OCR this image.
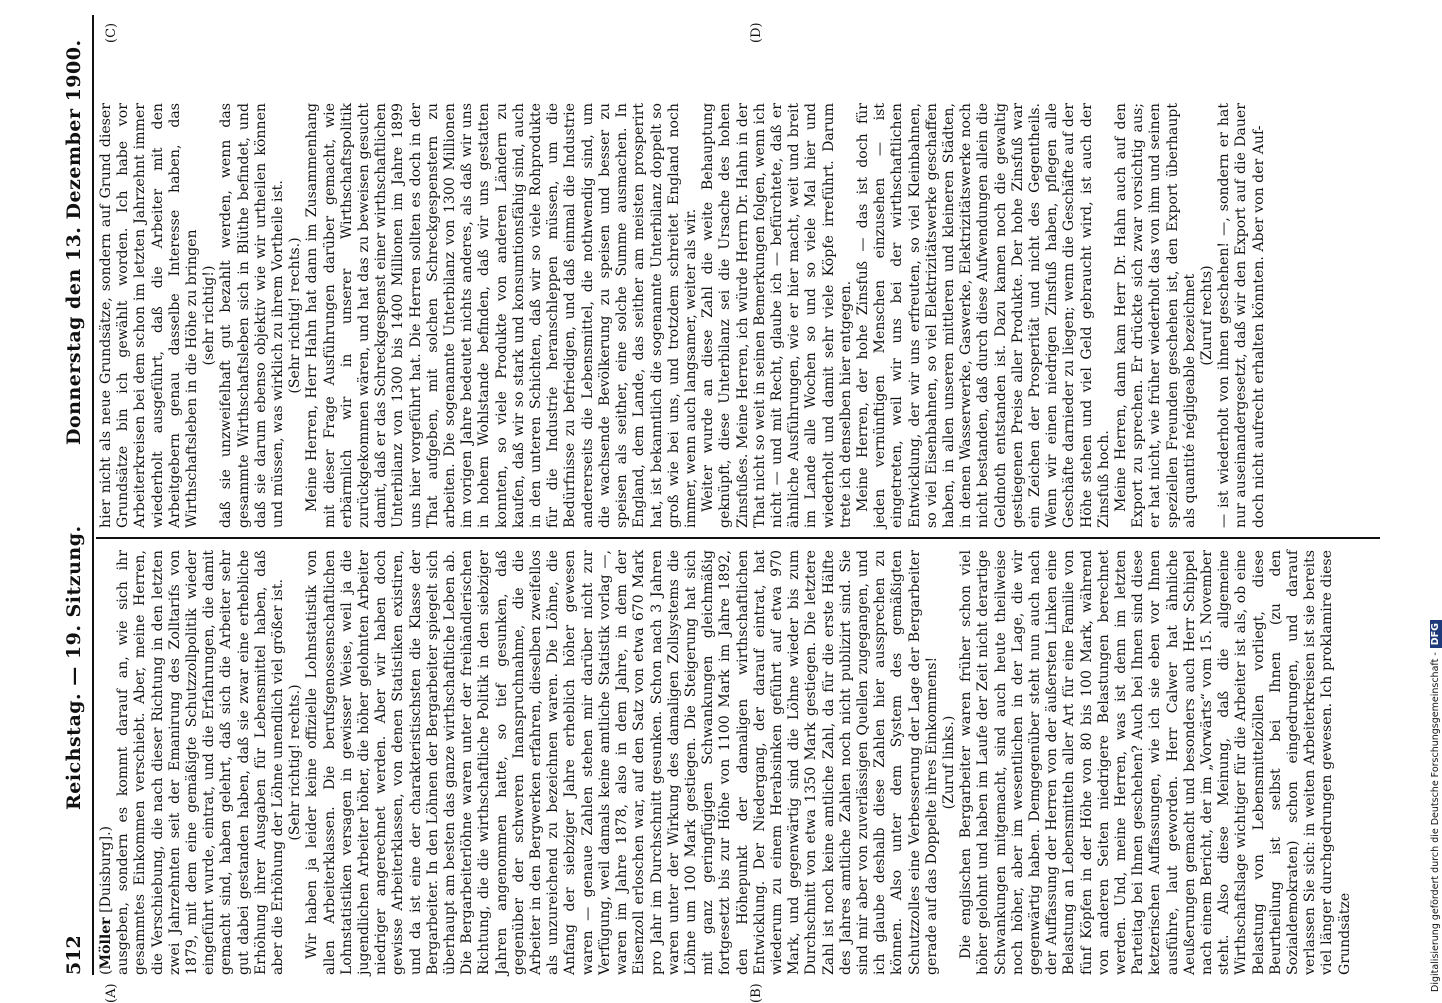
512
Reichstag. — 19. Sitzung.
Donnerstag den 13. Dezember 1900.
(A)	(B)
(C)	(D)

(Möller [Duisburg].) ausgeben, sondern es kommt darauf an, wie sich ihr gesammtes Einkommen verschiebt. Aber, meine Herren, die Verschiebung, die nach dieser Richtung in den letzten zwei Jahrzehnten seit der Emanirung des Zolltarifs von 1879, mit dem eine gemäßigte Schutzzollpolitik wieder eingeführt wurde, eintrat, und die Erfahrungen, die damit gemacht sind, haben gelehrt, daß sich die Arbeiter sehr gut dabei gestanden haben, daß sie zwar eine erhebliche Erhöhung ihrer Ausgaben für Lebensmittel haben, daß aber die Erhöhung der Löhne unendlich viel größer ist. (Sehr richtig! rechts.) Wir haben ja leider keine offizielle Lohnstatistik von allen Arbeiterklassen. Die berufsgenossenschaftlichen Lohnstatistiken versagen in gewisser Weise, weil ja die jugendlichen Arbeiter höher, die höher gelohnten Arbeiter niedriger angerechnet werden. Aber wir haben doch gewisse Arbeiterklassen, von denen Statistiken existiren, und da ist eine der charakteristischsten die Klasse der Bergarbeiter. In den Löhnen der Bergarbeiter spiegelt sich überhaupt am besten das ganze wirthschaftliche Leben ab. Die Bergarbeiterlöhne waren unter der freihändlerischen Richtung, die die wirthschaftliche Politik in den siebziger Jahren angenommen hatte, so tief gesunken, daß gegenüber der schweren Inanspruchnahme, die die Arbeiter in den Bergwerken erfahren, dieselben zweifellos als unzureichend zu bezeichnen waren. Die Löhne, die Anfang der siebziger Jahre erheblich höher gewesen waren — genaue Zahlen stehen mir darüber nicht zur Verfügung, weil damals keine amtliche Statistik vorlag —, waren im Jahre 1878, also in dem Jahre, in dem der Eisenzoll erloschen war, auf den Satz von etwa 670 Mark pro Jahr im Durchschnitt gesunken. Schon nach 3 Jahren waren unter der Wirkung des damaligen Zollsystems die Löhne um 100 Mark gestiegen. Die Steigerung hat sich mit ganz geringfügigen Schwankungen gleichmäßig fortgesetzt bis zur Höhe von 1100 Mark im Jahre 1892, den Höhepunkt der damaligen wirthschaftlichen Entwicklung. Der Niedergang, der darauf eintrat, hat wiederum zu einem Herabsinken geführt auf etwa 970 Mark, und gegenwärtig sind die Löhne wieder bis zum Durchschnitt von etwa 1350 Mark gestiegen. Die letztere Zahl ist noch keine amtliche Zahl, da für die erste Hälfte des Jahres amtliche Zahlen noch nicht publizirt sind. Sie sind mir aber von zuverlässigen Quellen zugegangen, und ich glaube deshalb diese Zahlen hier aussprechen zu können. Also unter dem System des gemäßigten Schutzzolles eine Verbesserung der Lage der Bergarbeiter gerade auf das Doppelte ihres Einkommens! (Zuruf links.) Die englischen Bergarbeiter waren früher schon viel höher gelohnt und haben im Laufe der Zeit nicht derartige Schwankungen mitgemacht, sind auch heute theilweise noch höher, aber im wesentlichen in der Lage, die wir gegenwärtig haben. Demgegenüber steht nun auch nach der Auffassung der Herren von der äußersten Linken eine Belastung an Lebensmitteln aller Art für eine Familie von fünf Köpfen in der Höhe von 80 bis 100 Mark, während von anderen Seiten niedrigere Belastungen berechnet werden. Und, meine Herren, was ist denn im letzten Parteitag bei Ihnen geschehen? Auch bei Ihnen sind diese ketzerischen Auffassungen, wie ich sie eben vor Ihnen ausführe, laut geworden. Herr Calwer hat ähnliche Aeußerungen gemacht und besonders auch Herr Schippel nach einem Bericht, der im „Vorwärts“ vom 15. November steht. Also diese Meinung, daß die allgemeine Wirthschaftslage wichtiger für die Arbeiter ist als, ob eine Belastung von Lebensmittelzöllen vorliegt, diese Beurtheilung ist selbst bei Ihnen (zu den Sozialdemokraten) schon eingedrungen, und darauf verlassen Sie sich: in weiten Arbeiterkreisen ist sie bereits viel länger durchgedrungen gewesen. Ich proklamire diese Grundsätze

hier nicht als neue Grundsätze, sondern auf Grund dieser Grundsätze bin ich gewählt worden. Ich habe vor Arbeiterkreisen bei dem schon im letzten Jahrzehnt immer wiederholt ausgeführt, daß die Arbeiter mit den Arbeitgebern genau dasselbe Interesse haben, das Wirthschaftsleben in die Höhe zu bringen (sehr richtig!) daß sie unzweifelhaft gut bezahlt werden, wenn das gesammte Wirthschaftsleben sich in Blüthe befindet, und daß sie darum ebenso objektiv wie wir urtheilen können und müssen, was wirklich zu ihrem Vortheile ist. (Sehr richtig! rechts.) Meine Herren, Herr Hahn hat dann im Zusammenhang mit dieser Frage Ausführungen darüber gemacht, wie erbärmlich wir in unserer Wirthschaftspolitik zurückgekommen wären, und hat das zu beweisen gesucht damit, daß er das Schreckgespenst einer wirthschaftlichen Unterbilanz von 1300 bis 1400 Millionen im Jahre 1899 uns hier vorgeführt hat. Die Herren sollten es doch in der That aufgeben, mit solchen Schreckgespenstern zu arbeiten. Die sogenannte Unterbilanz von 1300 Millionen im vorigen Jahre bedeutet nichts anderes, als daß wir uns in hohem Wohlstande befinden, daß wir uns gestatten konnten, so viele Produkte von anderen Ländern zu kaufen, daß wir so stark und konsumtionsfähig sind, auch in den unteren Schichten, daß wir so viele Rohprodukte für die Industrie heranschleppen müssen, um die Bedürfnisse zu befriedigen, und daß einmal die Industrie andererseits die Lebensmittel, die nothwendig sind, um die wachsende Bevölkerung zu speisen und besser zu speisen als seither, eine solche Summe ausmachen. In England, dem Lande, das seither am meisten prosperirt hat, ist bekanntlich die sogenannte Unterbilanz doppelt so groß wie bei uns, und trotzdem schreitet England noch immer, wenn auch langsamer, weiter als wir. Weiter wurde an diese Zahl die weite Behauptung geknüpft, diese Unterbilanz sei die Ursache des hohen Zinsfußes. Meine Herren, ich würde Herrn Dr. Hahn in der That nicht so weit in seinen Bemerkungen folgen, wenn ich nicht — und mit Recht, glaube ich — befürchtete, daß er ähnliche Ausführungen, wie er hier macht, weit und breit im Lande alle Wochen so und so viele Mal hier und wiederholt und damit sehr viele Köpfe irreführt. Darum trete ich denselben hier entgegen. Meine Herren, der hohe Zinsfuß — das ist doch für jeden vernünftigen Menschen einzusehen — ist eingetreten, weil wir uns bei der wirthschaftlichen Entwicklung, der wir uns erfreuten, so viel Kleinbahnen, so viel Eisenbahnen, so viel Elektrizitätswerke geschaffen haben, in allen unseren mittleren und kleineren Städten, in denen Wasserwerke, Gaswerke, Elektrizitätswerke noch nicht bestanden, daß durch diese Aufwendungen allein die Geldnoth entstanden ist. Dazu kamen noch die gewaltig gestiegenen Preise aller Produkte. Der hohe Zinsfuß war ein Zeichen der Prosperität und nicht des Gegentheils. Wenn wir einen niedrigen Zinsfuß haben, pflegen alle Geschäfte darnieder zu liegen; wenn die Geschäfte auf der Höhe stehen und viel Geld gebraucht wird, ist auch der Zinsfuß hoch. Meine Herren, dann kam Herr Dr. Hahn auch auf den Export zu sprechen. Er drückte sich zwar vorsichtig aus; er hat nicht, wie früher wiederholt das von ihm und seinen speziellen Freunden geschehen ist, den Export überhaupt als quantité négligeable bezeichnet (Zuruf rechts) — ist wiederholt von ihnen geschehen! —, sondern er hat nur auseinandergesetzt, daß wir den Export auf die Dauer doch nicht aufrecht erhalten könnten. Aber von der Auf-

Digitalisierung gefördert durch die Deutsche Forschungsgemeinschaft -DFG
